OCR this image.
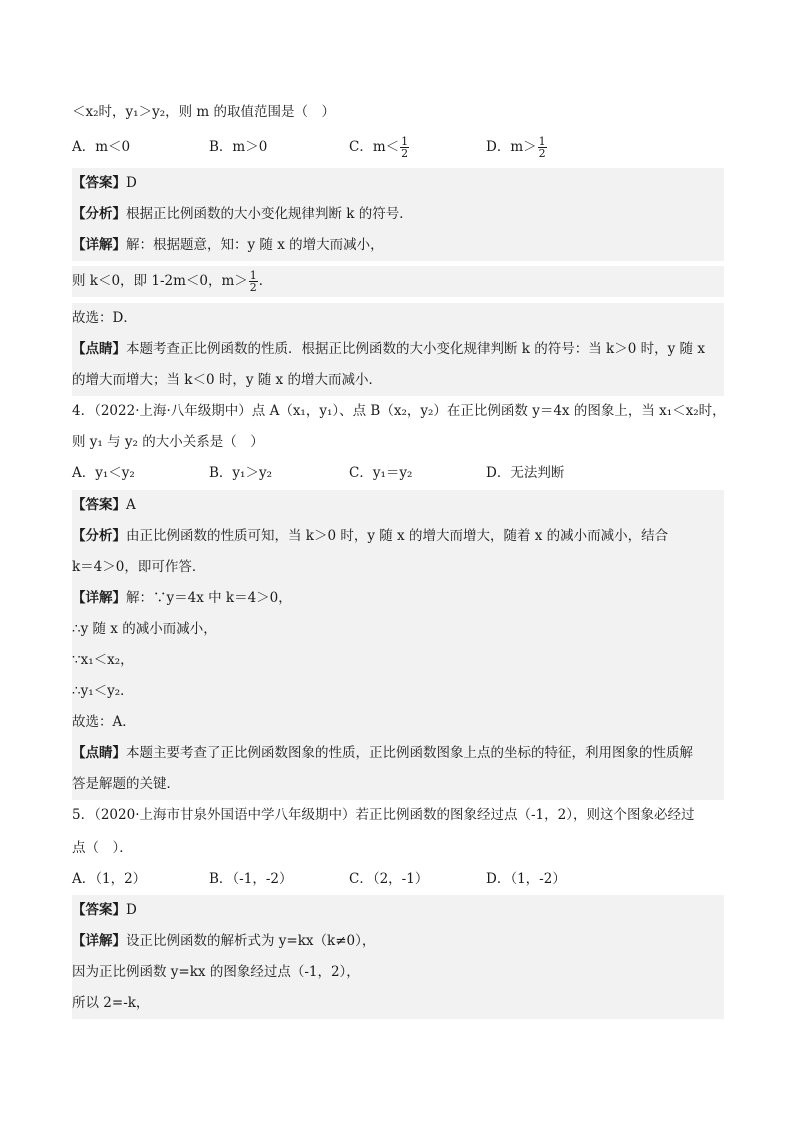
＜x₂时，y₁＞y₂，则 m 的取值范围是（　）
A．m＜0	B．m＞0	C．$m< \frac{1}{2}$	D．$m> \frac{1}{2}$
【答案】D
【分析】根据正比例函数的大小变化规律判断 k 的符号．
【详解】解：根据题意，知：y 随 x 的增大而减小，
则 k＜0，即 1-2m＜0，$m> \frac{1}{2}$ ．
故选：D．
【点睛】本题考查正比例函数的性质．根据正比例函数的大小变化规律判断 k 的符号：当 k＞0 时，y 随 x
的增大而增大；当 k＜0 时，y 随 x 的增大而减小．
4．（2022·上海·八年级期中）点 A（x₁，y₁）、点 B（x₂，y₂）在正比例函数 y＝4x 的图象上，当 x₁＜x₂时，
则 y₁ 与 y₂ 的大小关系是（　）
A．y₁＜y₂	B．y₁＞y₂	C．y₁＝y₂	D．无法判断
【答案】A
【分析】由正比例函数的性质可知，当 k＞0 时，y 随 x 的增大而增大，随着 x 的减小而减小，结合
k＝4＞0，即可作答．
【详解】解：∵y＝4x 中 k＝4＞0，
∴y 随 x 的减小而减小，
∵x₁＜x₂，
∴y₁＜y₂．
故选：A．
【点睛】本题主要考查了正比例函数图象的性质，正比例函数图象上点的坐标的特征，利用图象的性质解
答是解题的关键．
5．（2020·上海市甘泉外国语中学八年级期中）若正比例函数的图象经过点（-1，2），则这个图象必经过
点（　）．
A．（1，2）	B．（-1，-2）	C．（2，-1）	D．（1，-2）
【答案】D
【详解】设正比例函数的解析式为 y=kx（k≠0），
因为正比例函数 y=kx 的图象经过点（-1，2），
所以 2=-k，
